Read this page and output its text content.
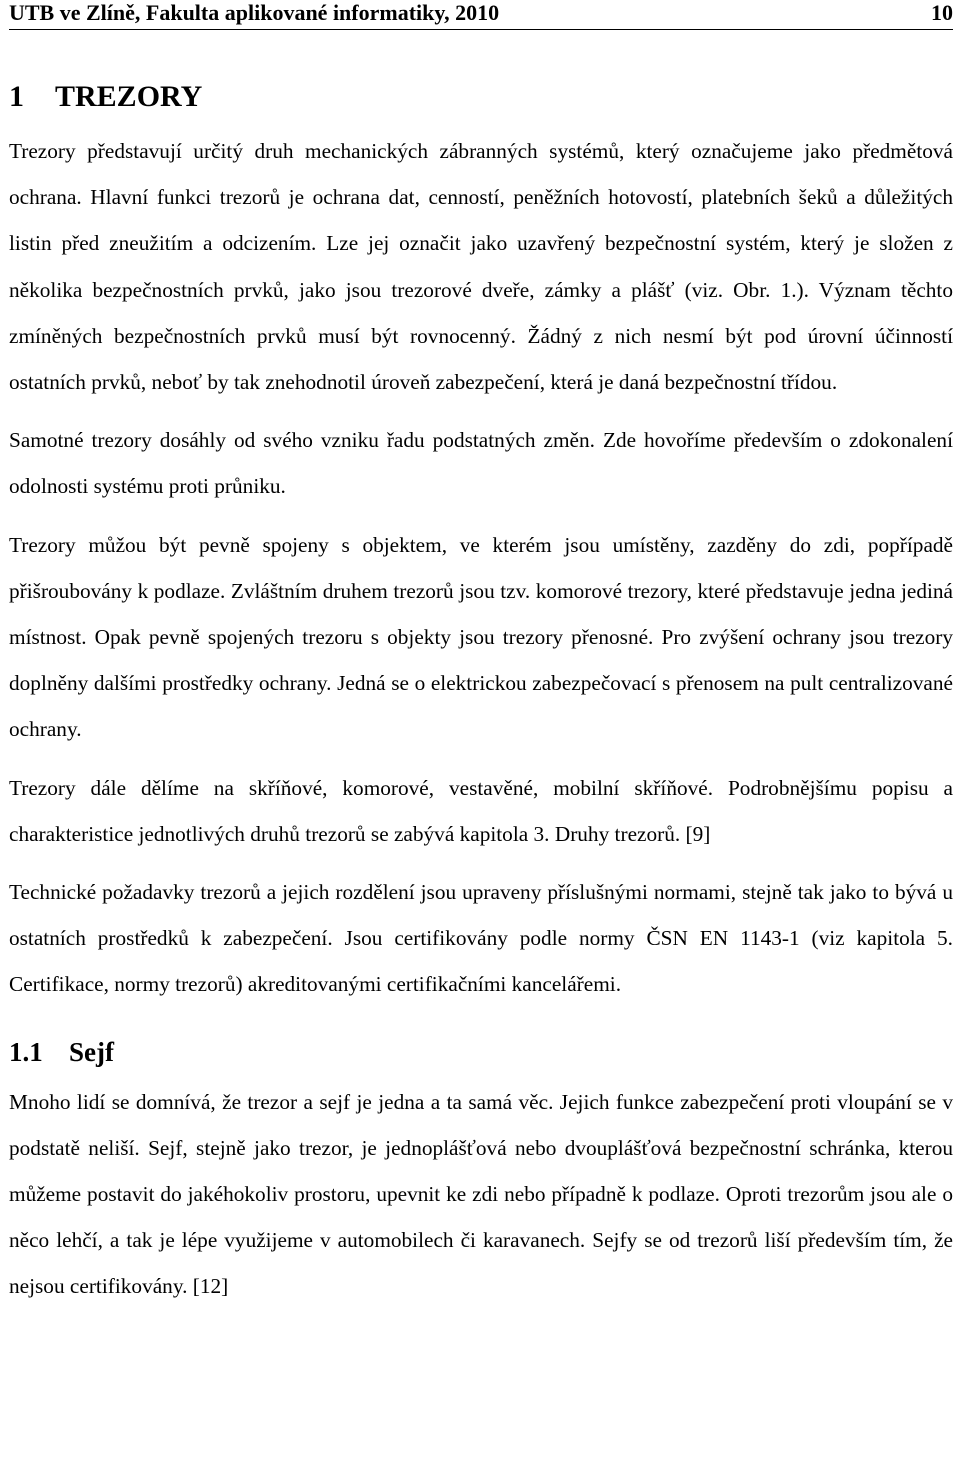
UTB ve Zlíně, Fakulta aplikované informatiky, 2010	10
1 TREZORY

Trezory představují určitý druh mechanických zábranných systémů, který označujeme jako předmětová ochrana. Hlavní funkci trezorů je ochrana dat, cenností, peněžních hotovostí, platebních šeků a důležitých listin před zneužitím a odcizením. Lze jej označit jako uzavřený bezpečnostní systém, který je složen z několika bezpečnostních prvků, jako jsou trezorové dveře, zámky a plášť (viz. Obr. 1.). Význam těchto zmíněných bezpečnostních prvků musí být rovnocenný. Žádný z nich nesmí být pod úrovní účinností ostatních prvků, neboť by tak znehodnotil úroveň zabezpečení, která je daná bezpečnostní třídou.

Samotné trezory dosáhly od svého vzniku řadu podstatných změn. Zde hovoříme především o zdokonalení odolnosti systému proti průniku.

Trezory můžou být pevně spojeny s objektem, ve kterém jsou umístěny, zazděny do zdi, popřípadě přišroubovány k podlaze. Zvláštním druhem trezorů jsou tzv. komorové trezory, které představuje jedna jediná místnost. Opak pevně spojených trezoru s objekty jsou trezory přenosné. Pro zvýšení ochrany jsou trezory doplněny dalšími prostředky ochrany. Jedná se o elektrickou zabezpečovací s přenosem na pult centralizované ochrany.

Trezory dále dělíme na skříňové, komorové, vestavěné, mobilní skříňové. Podrobnějšímu popisu a charakteristice jednotlivých druhů trezorů se zabývá kapitola 3. Druhy trezorů. [9]

Technické požadavky trezorů a jejich rozdělení jsou upraveny příslušnými normami, stejně tak jako to bývá u ostatních prostředků k zabezpečení. Jsou certifikovány podle normy ČSN EN 1143-1 (viz kapitola 5. Certifikace, normy trezorů) akreditovanými certifikačními kancelářemi.

1.1 Sejf

Mnoho lidí se domnívá, že trezor a sejf je jedna a ta samá věc. Jejich funkce zabezpečení proti vloupání se v podstatě neliší. Sejf, stejně jako trezor, je jednoplášťová nebo dvouplášťová bezpečnostní schránka, kterou můžeme postavit do jakéhokoliv prostoru, upevnit ke zdi nebo případně k podlaze. Oproti trezorům jsou ale o něco lehčí, a tak je lépe využijeme v automobilech či karavanech. Sejfy se od trezorů liší především tím, že nejsou certifikovány. [12]
